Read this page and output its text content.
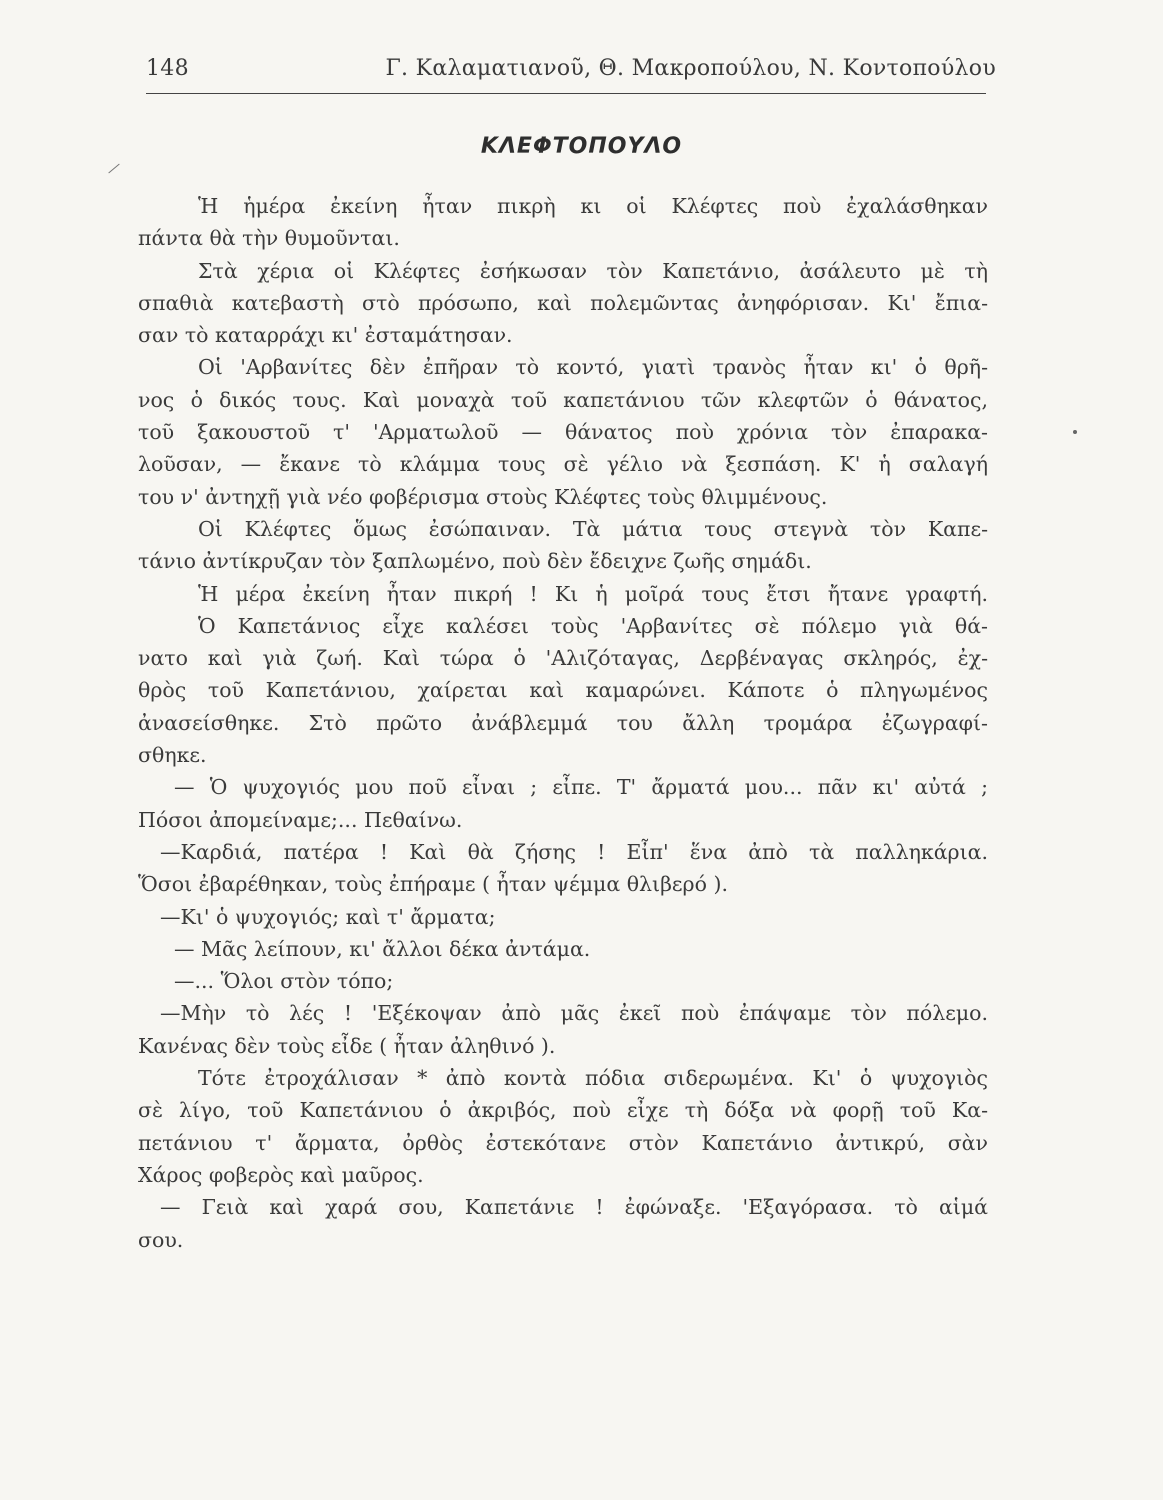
148	Γ. Καλαματιανοῦ, Θ. Μακροπούλου, Ν. Κοντοπούλου
ΚΛΕΦΤΟΠΟΥΛΟ
Ἡ ἡμέρα ἐκείνη ἦταν πικρὴ κι οἱ Κλέφτες ποὺ ἐχαλάσθηκαν
πάντα θὰ τὴν θυμοῦνται.
Στὰ χέρια οἱ Κλέφτες ἐσήκωσαν τὸν Καπετάνιο, ἀσάλευτο μὲ τὴ
σπαθιὰ κατεβαστὴ στὸ πρόσωπο, καὶ πολεμῶντας ἀνηφόρισαν. Κι' ἔπια-
σαν τὸ καταρράχι κι' ἐσταμάτησαν.
Οἱ 'Αρβανίτες δὲν ἐπῆραν τὸ κοντό, γιατὶ τρανὸς ἦταν κι' ὁ θρῆ-
νος ὁ δικός τους. Καὶ μοναχὰ τοῦ καπετάνιου τῶν κλεφτῶν ὁ θάνατος,
τοῦ ξακουστοῦ τ' 'Αρματωλοῦ — θάνατος ποὺ χρόνια τὸν ἐπαρακα-
λοῦσαν, — ἔκανε τὸ κλάμμα τους σὲ γέλιο νὰ ξεσπάση. Κ' ἡ σαλαγή
του ν' ἀντηχῇ γιὰ νέο φοβέρισμα στοὺς Κλέφτες τοὺς θλιμμένους.
Οἱ Κλέφτες ὅμως ἐσώπαιναν. Τὰ μάτια τους στεγνὰ τὸν Καπε-
τάνιο ἀντίκρυζαν τὸν ξαπλωμένο, ποὺ δὲν ἔδειχνε ζωῆς σημάδι.
Ἡ μέρα ἐκείνη ἦταν πικρή ! Κι ἡ μοῖρά τους ἔτσι ἤτανε γραφτή.
Ὁ Καπετάνιος εἶχε καλέσει τοὺς 'Αρβανίτες σὲ πόλεμο γιὰ θά-
νατο καὶ γιὰ ζωή. Καὶ τώρα ὁ 'Αλιζόταγας, Δερβέναγας σκληρός, ἐχ-
θρὸς τοῦ Καπετάνιου, χαίρεται καὶ καμαρώνει. Κάποτε ὁ πληγωμένος
ἀνασείσθηκε. Στὸ πρῶτο ἀνάβλεμμά του ἄλλη τρομάρα ἐζωγραφί-
σθηκε.
— Ὁ ψυχογιός μου ποῦ εἶναι ; εἶπε. Τ' ἄρματά μου... πᾶν κι' αὐτά ;
Πόσοι ἀπομείναμε;... Πεθαίνω.
—Καρδιά, πατέρα ! Καὶ θὰ ζήσης ! Εἶπ' ἕνα ἀπὸ τὰ παλληκάρια.
Ὅσοι ἐβαρέθηκαν, τοὺς ἐπήραμε ( ἦταν ψέμμα θλιβερό ).
—Κι' ὁ ψυχογιός; καὶ τ' ἄρματα;
— Μᾶς λείπουν, κι' ἄλλοι δέκα ἀντάμα.
—... Ὅλοι στὸν τόπο;
—Μὴν τὸ λές ! 'Εξέκοψαν ἀπὸ μᾶς ἐκεῖ ποὺ ἐπάψαμε τὸν πόλεμο.
Κανένας δὲν τοὺς εἶδε ( ἦταν ἀληθινό ).
Τότε ἐτροχάλισαν * ἀπὸ κοντὰ πόδια σιδερωμένα. Κι' ὁ ψυχογιὸς
σὲ λίγο, τοῦ Καπετάνιου ὁ ἀκριβός, ποὺ εἶχε τὴ δόξα νὰ φορῇ τοῦ Κα-
πετάνιου τ' ἄρματα, ὀρθὸς ἐστεκότανε στὸν Καπετάνιο ἀντικρύ, σὰν
Χάρος φοβερὸς καὶ μαῦρος.
— Γειὰ καὶ χαρά σου, Καπετάνιε ! ἐφώναξε. 'Εξαγόρασα. τὸ αἱμά
σου.
